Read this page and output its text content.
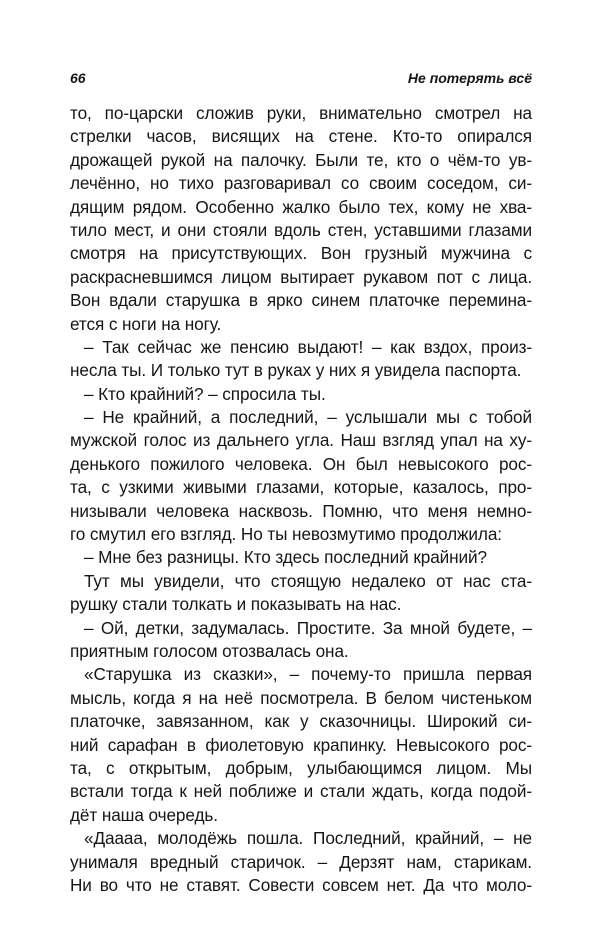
66	Не потерять всё
то, по-царски сложив руки, внимательно смотрел на
стрелки часов, висящих на стене. Кто-то опирался
дрожащей рукой на палочку. Были те, кто о чём-то ув-
лечённо, но тихо разговаривал со своим соседом, си-
дящим рядом. Особенно жалко было тех, кому не хва-
тило мест, и они стояли вдоль стен, уставшими глазами
смотря на присутствующих. Вон грузный мужчина с
раскрасневшимся лицом вытирает рукавом пот с лица.
Вон вдали старушка в ярко синем платочке перемина-
ется с ноги на ногу.
– Так сейчас же пенсию выдают! – как вздох, произ-
несла ты. И только тут в руках у них я увидела паспорта.
– Кто крайний? – спросила ты.
– Не крайний, а последний, – услышали мы с тобой
мужской голос из дальнего угла. Наш взгляд упал на ху-
денького пожилого человека. Он был невысокого рос-
та, с узкими живыми глазами, которые, казалось, про-
низывали человека насквозь. Помню, что меня немно-
го смутил его взгляд. Но ты невозмутимо продолжила:
– Мне без разницы. Кто здесь последний крайний?
Тут мы увидели, что стоящую недалеко от нас ста-
рушку стали толкать и показывать на нас.
– Ой, детки, задумалась. Простите. За мной будете, –
приятным голосом отозвалась она.
«Старушка из сказки», – почему-то пришла первая
мысль, когда я на неё посмотрела. В белом чистеньком
платочке, завязанном, как у сказочницы. Широкий си-
ний сарафан в фиолетовую крапинку. Невысокого рос-
та, с открытым, добрым, улыбающимся лицом. Мы
встали тогда к ней поближе и стали ждать, когда подой-
дёт наша очередь.
«Даааа, молодёжь пошла. Последний, крайний, – не
унималя вредный старичок. – Дерзят нам, старикам.
Ни во что не ставят. Совести совсем нет. Да что моло-
